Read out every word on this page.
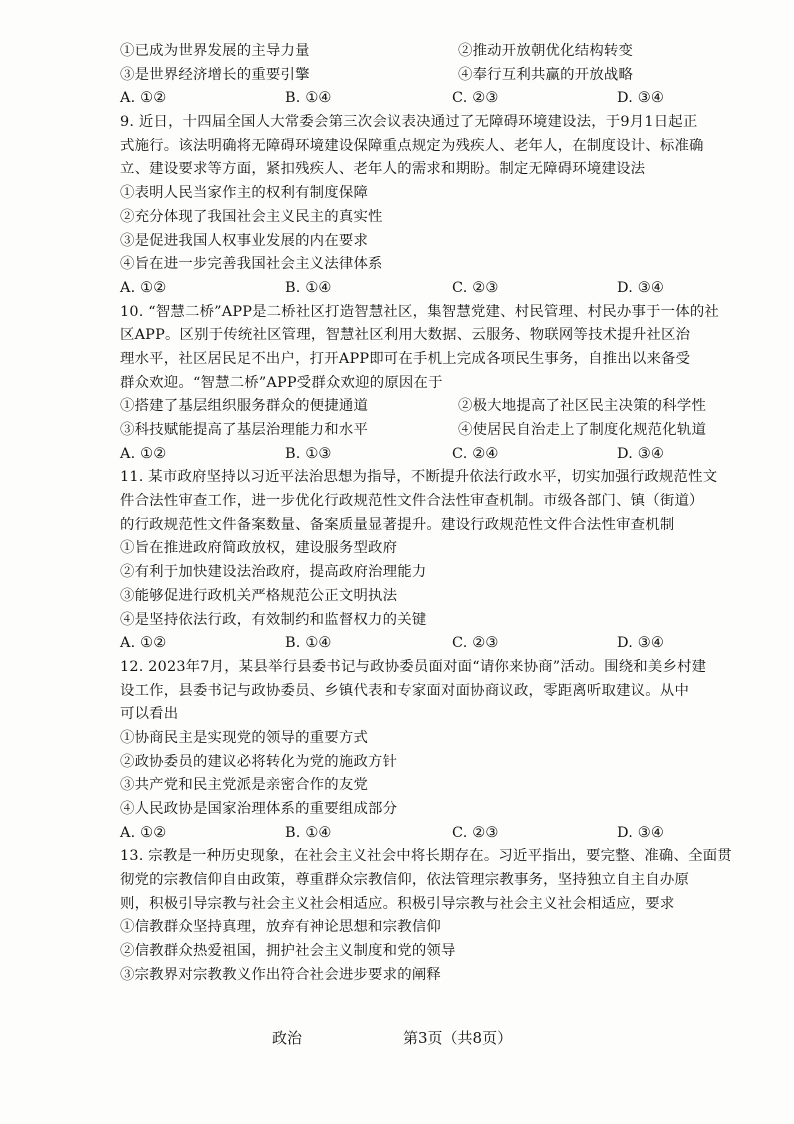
①已成为世界发展的主导力量	②推动开放朝优化结构转变
③是世界经济增长的重要引擎	④奉行互利共赢的开放战略
A. ①②	B. ①④	C. ②③	D. ③④
9. 近日，十四届全国人大常委会第三次会议表决通过了无障碍环境建设法，于9月1日起正
式施行。该法明确将无障碍环境建设保障重点规定为残疾人、老年人，在制度设计、标准确
立、建设要求等方面，紧扣残疾人、老年人的需求和期盼。制定无障碍环境建设法
①表明人民当家作主的权利有制度保障
②充分体现了我国社会主义民主的真实性
③是促进我国人权事业发展的内在要求
④旨在进一步完善我国社会主义法律体系
A. ①②	B. ①④	C. ②③	D. ③④
10. “智慧二桥”APP是二桥社区打造智慧社区，集智慧党建、村民管理、村民办事于一体的社
区APP。区别于传统社区管理，智慧社区利用大数据、云服务、物联网等技术提升社区治
理水平，社区居民足不出户，打开APP即可在手机上完成各项民生事务，自推出以来备受
群众欢迎。“智慧二桥”APP受群众欢迎的原因在于
①搭建了基层组织服务群众的便捷通道	②极大地提高了社区民主决策的科学性
③科技赋能提高了基层治理能力和水平	④使居民自治走上了制度化规范化轨道
A. ①②	B. ①③	C. ②④	D. ③④
11. 某市政府坚持以习近平法治思想为指导，不断提升依法行政水平，切实加强行政规范性文
件合法性审查工作，进一步优化行政规范性文件合法性审查机制。市级各部门、镇（街道）
的行政规范性文件备案数量、备案质量显著提升。建设行政规范性文件合法性审查机制
①旨在推进政府简政放权，建设服务型政府
②有利于加快建设法治政府，提高政府治理能力
③能够促进行政机关严格规范公正文明执法
④是坚持依法行政，有效制约和监督权力的关键
A. ①②	B. ①④	C. ②③	D. ③④
12. 2023年7月，某县举行县委书记与政协委员面对面“请你来协商”活动。围绕和美乡村建
设工作，县委书记与政协委员、乡镇代表和专家面对面协商议政，零距离听取建议。从中
可以看出
①协商民主是实现党的领导的重要方式
②政协委员的建议必将转化为党的施政方针
③共产党和民主党派是亲密合作的友党
④人民政协是国家治理体系的重要组成部分
A. ①②	B. ①④	C. ②③	D. ③④
13. 宗教是一种历史现象，在社会主义社会中将长期存在。习近平指出，要完整、准确、全面贯
彻党的宗教信仰自由政策，尊重群众宗教信仰，依法管理宗教事务，坚持独立自主自办原
则，积极引导宗教与社会主义社会相适应。积极引导宗教与社会主义社会相适应，要求
①信教群众坚持真理，放弃有神论思想和宗教信仰
②信教群众热爱祖国，拥护社会主义制度和党的领导
③宗教界对宗教教义作出符合社会进步要求的阐释
政治	第3页（共8页）
